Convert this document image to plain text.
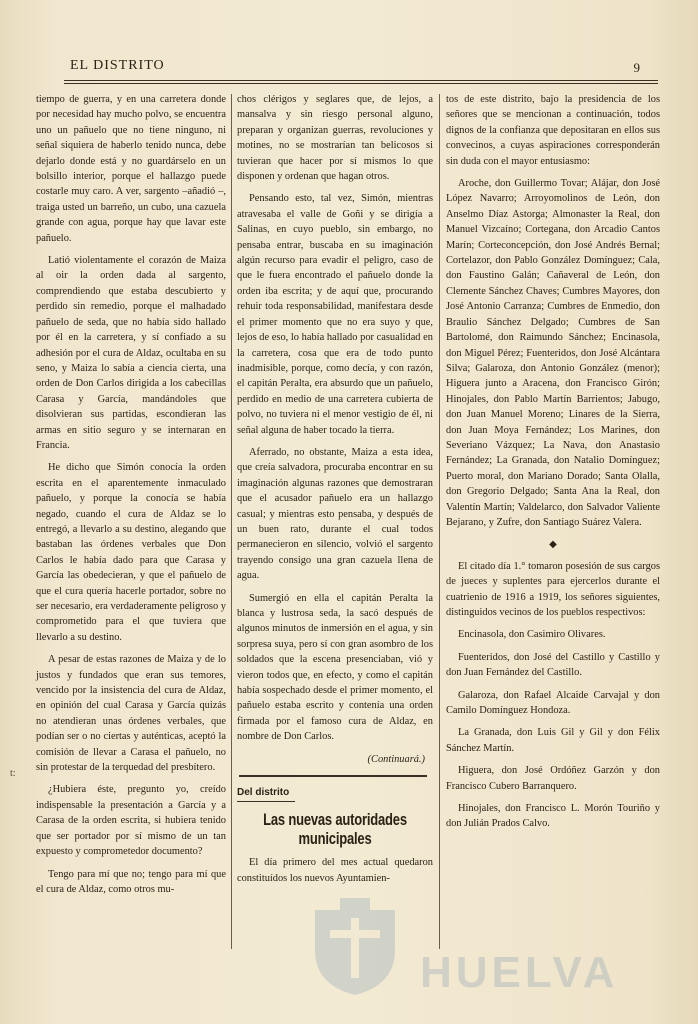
EL DISTRITO	9

tiempo de guerra, y en una carretera donde por necesidad hay mucho polvo, se encuentra uno un pañuelo que no tiene ninguno, ni señal siquiera de haberlo tenido nunca, debe dejarlo donde está y no guardárselo en un bolsillo interior, porque el hallazgo puede costarle muy caro. A ver, sargento –añadió –, traiga usted un barreño, un cubo, una cazuela grande con agua, porque hay que lavar este pañuelo.

Latió violentamente el corazón de Maiza al oir la orden dada al sargento, comprendiendo que estaba descubierto y perdido sin remedio, porque el malhadado pañuelo de seda, que no había sido hallado por él en la carretera, y sí confiado a su adhesión por el cura de Aldaz, ocultaba en su seno, y Maiza lo sabía a ciencia cierta, una orden de Don Carlos dirigida a los cabecillas Carasa y García, mandándoles que disolvieran sus partidas, escondieran las armas en sitio seguro y se internaran en Francia.

He dicho que Simón conocía la orden escrita en el aparentemente inmaculado pañuelo, y porque la conocía se había negado, cuando el cura de Aldaz se lo entregó, a llevarlo a su destino, alegando que bastaban las órdenes verbales que Don Carlos le había dado para que Carasa y García las obedecieran, y que el pañuelo de que el cura quería hacerle portador, sobre no ser necesario, era verdaderamente peligroso y comprometido para el que tuviera que llevarlo a su destino.

A pesar de estas razones de Maiza y de lo justos y fundados que eran sus temores, vencido por la insistencia del cura de Aldaz, en opinión del cual Carasa y García quizás no atendieran unas órdenes verbales, que podían ser o no ciertas y auténticas, aceptó la comisión de llevar a Carasa el pañuelo, no sin protestar de la terquedad del presbítero.

¿Hubiera éste, pregunto yo, creído indispensable la presentación a García y a Carasa de la orden escrita, si hubiera tenido que ser portador por sí mismo de un tan expuesto y comprometedor documento?

Tengo para mí que no; tengo para mí que el cura de Aldaz, como otros mu-

chos clérigos y seglares que, de lejos, a mansalva y sin riesgo personal alguno, preparan y organizan guerras, revoluciones y motines, no se mostrarían tan belicosos si tuvieran que hacer por sí mismos lo que disponen y ordenan que hagan otros.

Pensando esto, tal vez, Simón, mientras atravesaba el valle de Goñi y se dirigía a Salinas, en cuyo pueblo, sin embargo, no pensaba entrar, buscaba en su imaginación algún recurso para evadir el peligro, caso de que le fuera encontrado el pañuelo donde la orden iba escrita; y de aquí que, procurando rehuir toda responsabilidad, manifestara desde el primer momento que no era suyo y que, lejos de eso, lo había hallado por casualidad en la carretera, cosa que era de todo punto inadmisible, porque, como decía, y con razón, el capitán Peralta, era absurdo que un pañuelo, perdido en medio de una carretera cubierta de polvo, no tuviera ni el menor vestigio de él, ni señal alguna de haber tocado la tierra.

Aferrado, no obstante, Maiza a esta idea, que creía salvadora, procuraba encontrar en su imaginación algunas razones que demostraran que el acusador pañuelo era un hallazgo casual; y mientras esto pensaba, y después de un buen rato, durante el cual todos permanecieron en silencio, volvió el sargento trayendo consigo una gran cazuela llena de agua.

Sumergió en ella el capitán Peralta la blanca y lustrosa seda, la sacó después de algunos minutos de inmersión en el agua, y sin sorpresa suya, pero sí con gran asombro de los soldados que la escena presenciaban, vió y vieron todos que, en efecto, y como el capitán había sospechado desde el primer momento, el pañuelo estaba escrito y contenía una orden firmada por el famoso cura de Aldaz, en nombre de Don Carlos.

(Continuará.)
Del distrito
Las nuevas autoridades municipales

El día primero del mes actual quedaron constituídos los nuevos Ayuntamien-

tos de este distrito, bajo la presidencia de los señores que se mencionan a continuación, todos dignos de la confianza que depositaran en ellos sus convecinos, a cuyas aspiraciones corresponderán sin duda con el mayor entusiasmo:

Aroche, don Guillermo Tovar; Alájar, don José López Navarro; Arroyomolinos de León, don Anselmo Díaz Astorga; Almonaster la Real, don Manuel Vizcaíno; Cortegana, don Arcadio Cantos Marín; Corteconcepción, don José Andrés Bernal; Cortelazor, don Pablo González Domínguez; Cala, don Faustino Galán; Cañaveral de León, don Clemente Sánchez Chaves; Cumbres Mayores, don José Antonio Carranza; Cumbres de Enmedio, don Braulio Sánchez Delgado; Cumbres de San Bartolomé, don Raimundo Sánchez; Encinasola, don Miguel Pérez; Fuenteridos, don José Alcántara Silva; Galaroza, don Antonio González (menor); Higuera junto a Aracena, don Francisco Girón; Hinojales, don Pablo Martín Barrientos; Jabugo, don Juan Manuel Moreno; Linares de la Sierra, don Juan Moya Fernández; Los Marines, don Severiano Vázquez; La Nava, don Anastasio Fernández; La Granada, don Natalio Domínguez; Puerto moral, don Mariano Dorado; Santa Olalla, don Gregorio Delgado; Santa Ana la Real, don Valentín Martín; Valdelarco, don Salvador Valiente Bejarano, y Zufre, don Santiago Suárez Valera.

◆

El citado día 1.° tomaron posesión de sus cargos de jueces y suplentes para ejercerlos durante el cuatrienio de 1916 a 1919, los señores siguientes, distinguidos vecinos de los pueblos respectivos:

Encinasola, don Casimiro Olivares.

Fuenteridos, don José del Castillo y Castillo y don Juan Fernández del Castillo.

Galaroza, don Rafael Alcaide Carvajal y don Camilo Domínguez Hondoza.

La Granada, don Luis Gil y Gil y don Félix Sánchez Martín.

Higuera, don José Ordóñez Garzón y don Francisco Cubero Barranquero.

Hinojales, don Francisco L. Morón Touriño y don Julián Prados Calvo.

t:
HUELVA
